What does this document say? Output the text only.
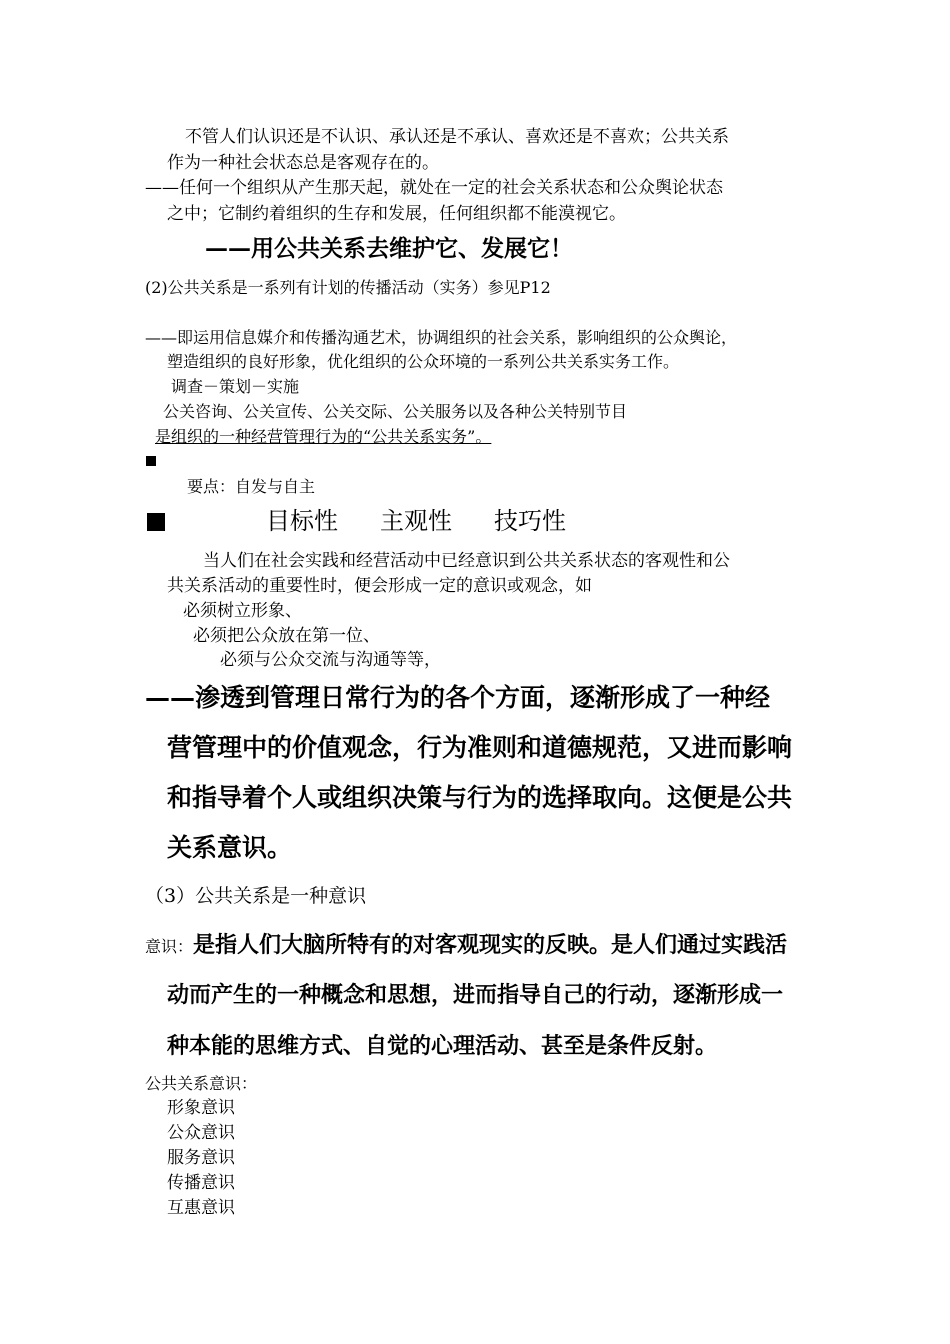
不管人们认识还是不认识、承认还是不承认、喜欢还是不喜欢；公共关系
作为一种社会状态总是客观存在的。
——任何一个组织从产生那天起，就处在一定的社会关系状态和公众舆论状态
之中；它制约着组织的生存和发展，任何组织都不能漠视它。
——用公共关系去维护它、发展它！
(2)公共关系是一系列有计划的传播活动（实务）参见P12
——即运用信息媒介和传播沟通艺术，协调组织的社会关系，影响组织的公众舆论，
塑造组织的良好形象，优化组织的公众环境的一系列公共关系实务工作。
调查－策划－实施
公关咨询、公关宣传、公关交际、公关服务以及各种公关特别节目
是组织的一种经营管理行为的“公共关系实务”。
要点：自发与自主
目标性 主观性 技巧性
当人们在社会实践和经营活动中已经意识到公共关系状态的客观性和公
共关系活动的重要性时，便会形成一定的意识或观念，如
必须树立形象、
必须把公众放在第一位、
必须与公众交流与沟通等等，
——渗透到管理日常行为的各个方面，逐渐形成了一种经
营管理中的价值观念，行为准则和道德规范，又进而影响
和指导着个人或组织决策与行为的选择取向。这便是公共
关系意识。
（3）公共关系是一种意识
意识：是指人们大脑所特有的对客观现实的反映。是人们通过实践活
动而产生的一种概念和思想，进而指导自己的行动，逐渐形成一
种本能的思维方式、自觉的心理活动、甚至是条件反射。
公共关系意识：
形象意识
公众意识
服务意识
传播意识
互惠意识
